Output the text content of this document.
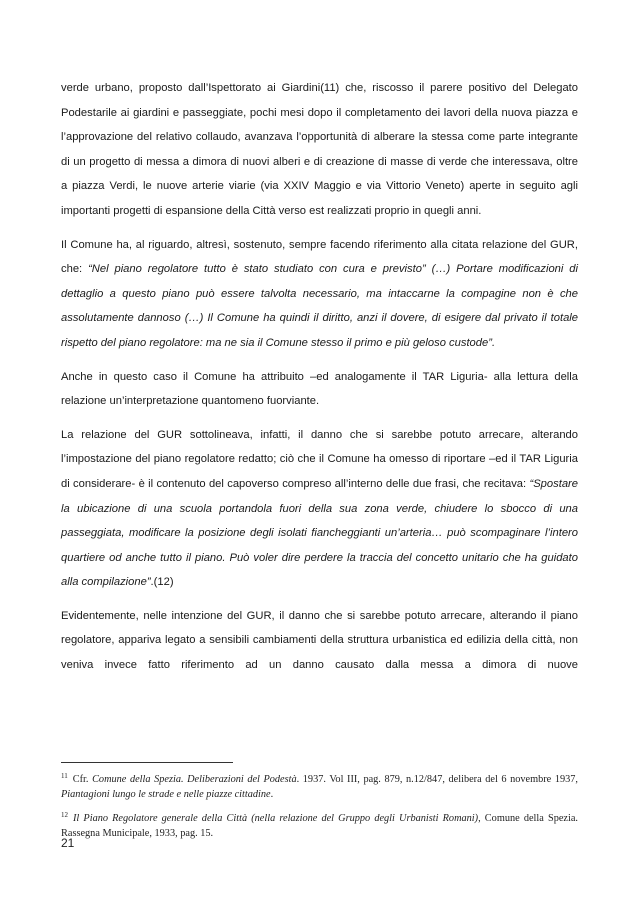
verde urbano, proposto dall’Ispettorato ai Giardini(11) che, riscosso il parere positivo del Delegato Podestarile ai giardini e passeggiate, pochi mesi dopo il completamento dei lavori della nuova piazza e l’approvazione del relativo collaudo, avanzava l’opportunità di alberare la stessa come parte integrante di un progetto di messa a dimora di nuovi alberi e di creazione di masse di verde che interessava, oltre a piazza Verdi, le nuove arterie viarie (via XXIV Maggio e via Vittorio Veneto) aperte in seguito agli importanti progetti di espansione della Città verso est realizzati proprio in quegli anni.

Il Comune ha, al riguardo, altresì, sostenuto, sempre facendo riferimento alla citata relazione del GUR, che: “Nel piano regolatore tutto è stato studiato con cura e previsto” (…) Portare modificazioni di dettaglio a questo piano può essere talvolta necessario, ma intaccarne la compagine non è che assolutamente dannoso (…) Il Comune ha quindi il diritto, anzi il dovere, di esigere dal privato il totale rispetto del piano regolatore: ma ne sia il Comune stesso il primo e più geloso custode”.

Anche in questo caso il Comune ha attribuito –ed analogamente il TAR Liguria- alla lettura della relazione un’interpretazione quantomeno fuorviante.

La relazione del GUR sottolineava, infatti, il danno che si sarebbe potuto arrecare, alterando l’impostazione del piano regolatore redatto; ciò che il Comune ha omesso di riportare –ed il TAR Liguria di considerare- è il contenuto del capoverso compreso all’interno delle due frasi, che recitava: “Spostare la ubicazione di una scuola portandola fuori della sua zona verde, chiudere lo sbocco di una passeggiata, modificare la posizione degli isolati fiancheggianti un’arteria… può scompaginare l’intero quartiere od anche tutto il piano. Può voler dire perdere la traccia del concetto unitario che ha guidato alla compilazione”.(12)

Evidentemente, nelle intenzione del GUR, il danno che si sarebbe potuto arrecare, alterando il piano regolatore, appariva legato a sensibili cambiamenti della struttura urbanistica ed edilizia della città, non veniva invece fatto riferimento ad un danno causato dalla messa a dimora di nuove

$^{11}$ Cfr. Comune della Spezia. Deliberazioni del Podestà. 1937. Vol III, pag. 879, n.12/847, delibera del 6 novembre 1937, Piantagioni lungo le strade e nelle piazze cittadine.

$^{12}$ Il Piano Regolatore generale della Città (nella relazione del Gruppo degli Urbanisti Romani), Comune della Spezia. Rassegna Municipale, 1933, pag. 15.

21
